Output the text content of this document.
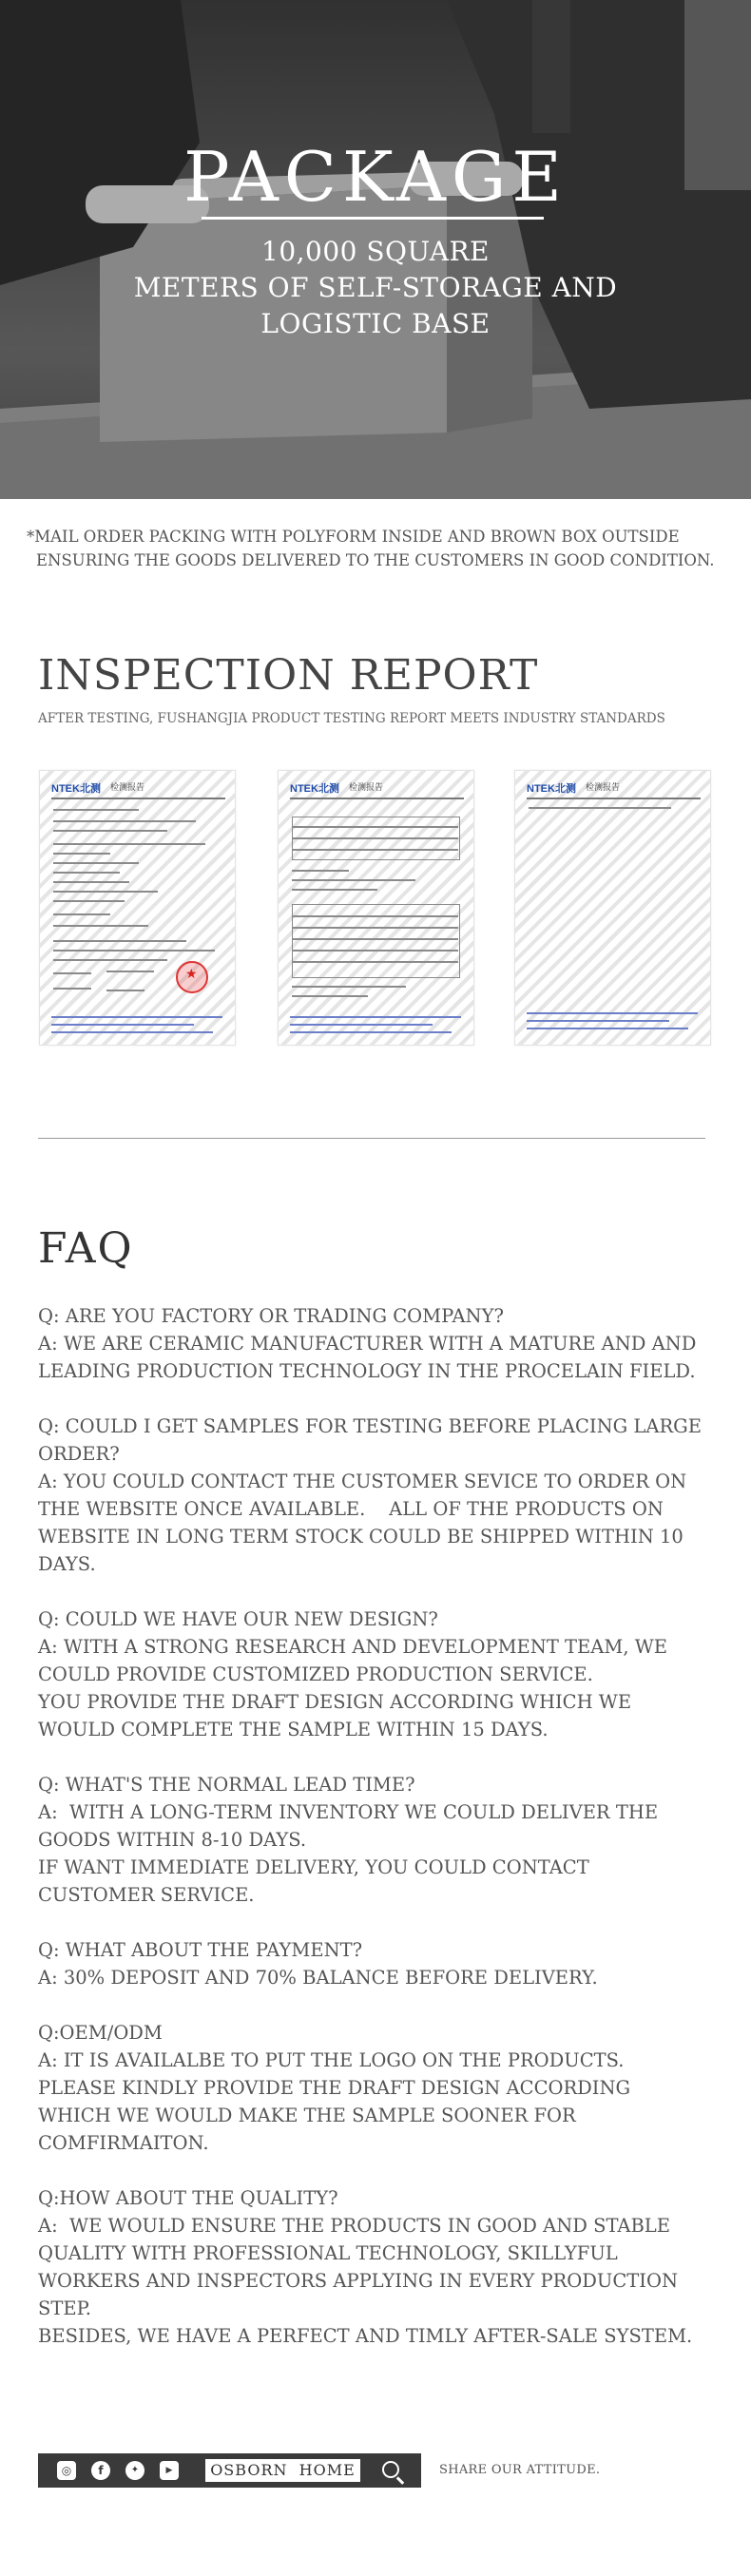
PACKAGE
10,000 SQUARE
METERS OF SELF-STORAGE AND
LOGISTIC BASE
*MAIL ORDER PACKING WITH POLYFORM INSIDE AND BROWN BOX OUTSIDE
ENSURING THE GOODS DELIVERED TO THE CUSTOMERS IN GOOD CONDITION.
INSPECTION REPORT
AFTER TESTING, FUSHANGJIA PRODUCT TESTING REPORT MEETS INDUSTRY STANDARDS
NTEK北测 检测报告
★	NTEK北测 检测报告	NTEK北测 检测报告
FAQ
Q: ARE YOU FACTORY OR TRADING COMPANY?
A: WE ARE CERAMIC MANUFACTURER WITH A MATURE AND AND
LEADING PRODUCTION TECHNOLOGY IN THE PROCELAIN FIELD.
Q: COULD I GET SAMPLES FOR TESTING BEFORE PLACING LARGE
ORDER?
A: YOU COULD CONTACT THE CUSTOMER SEVICE TO ORDER ON
THE WEBSITE ONCE AVAILABLE.    ALL OF THE PRODUCTS ON
WEBSITE IN LONG TERM STOCK COULD BE SHIPPED WITHIN 10
DAYS.
Q: COULD WE HAVE OUR NEW DESIGN?
A: WITH A STRONG RESEARCH AND DEVELOPMENT TEAM, WE
COULD PROVIDE CUSTOMIZED PRODUCTION SERVICE.
YOU PROVIDE THE DRAFT DESIGN ACCORDING WHICH WE
WOULD COMPLETE THE SAMPLE WITHIN 15 DAYS.
Q: WHAT'S THE NORMAL LEAD TIME?
A:  WITH A LONG-TERM INVENTORY WE COULD DELIVER THE
GOODS WITHIN 8-10 DAYS.
IF WANT IMMEDIATE DELIVERY, YOU COULD CONTACT
CUSTOMER SERVICE.
Q: WHAT ABOUT THE PAYMENT?
A: 30% DEPOSIT AND 70% BALANCE BEFORE DELIVERY.
Q:OEM/ODM
A: IT IS AVAILALBE TO PUT THE LOGO ON THE PRODUCTS.
PLEASE KINDLY PROVIDE THE DRAFT DESIGN ACCORDING
WHICH WE WOULD MAKE THE SAMPLE SOONER FOR
COMFIRMAITON.
Q:HOW ABOUT THE QUALITY?
A:  WE WOULD ENSURE THE PRODUCTS IN GOOD AND STABLE
QUALITY WITH PROFESSIONAL TECHNOLOGY, SKILLYFUL
WORKERS AND INSPECTORS APPLYING IN EVERY PRODUCTION
STEP.
BESIDES, WE HAVE A PERFECT AND TIMLY AFTER-SALE SYSTEM.
◎	f	✦	▶	OSBORN  HOME	SHARE OUR ATTITUDE.
